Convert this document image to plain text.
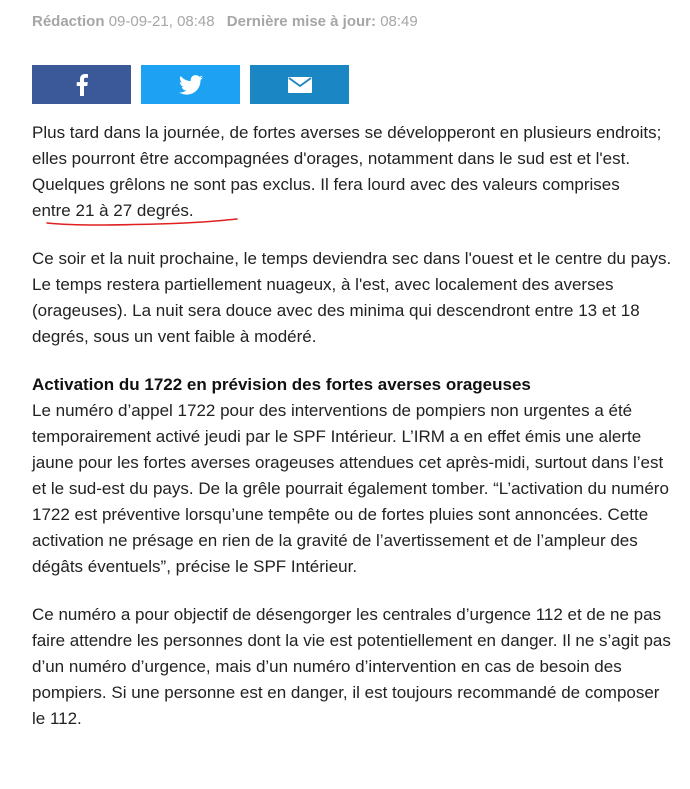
Rédaction 09-09-21, 08:48 Dernière mise à jour: 08:49

Plus tard dans la journée, de fortes averses se développeront en plusieurs endroits; elles pourront être accompagnées d'orages, notamment dans le sud est et l'est. Quelques grêlons ne sont pas exclus. Il fera lourd avec des valeurs comprises entre 21 à 27 degrés
.

Ce soir et la nuit prochaine, le temps deviendra sec dans l'ouest et le centre du pays. Le temps restera partiellement nuageux, à l'est, avec localement des averses (orageuses). La nuit sera douce avec des minima qui descendront entre 13 et 18 degrés, sous un vent faible à modéré.

Activation du 1722 en prévision des fortes averses orageuses

Le numéro d’appel 1722 pour des interventions de pompiers non urgentes a été temporairement activé jeudi par le SPF Intérieur. L’IRM a en effet émis une alerte jaune pour les fortes averses orageuses attendues cet après-midi, surtout dans l’est et le sud-est du pays. De la grêle pourrait également tomber. “L’activation du numéro 1722 est préventive lorsqu’une tempête ou de fortes pluies sont annoncées. Cette activation ne présage en rien de la gravité de l’avertissement et de l’ampleur des dégâts éventuels”, précise le SPF Intérieur.

Ce numéro a pour objectif de désengorger les centrales d’urgence 112 et de ne pas faire attendre les personnes dont la vie est potentiellement en danger. Il ne s’agit pas d’un numéro d’urgence, mais d’un numéro d’intervention en cas de besoin des pompiers. Si une personne est en danger, il est toujours recommandé de composer le 112.
